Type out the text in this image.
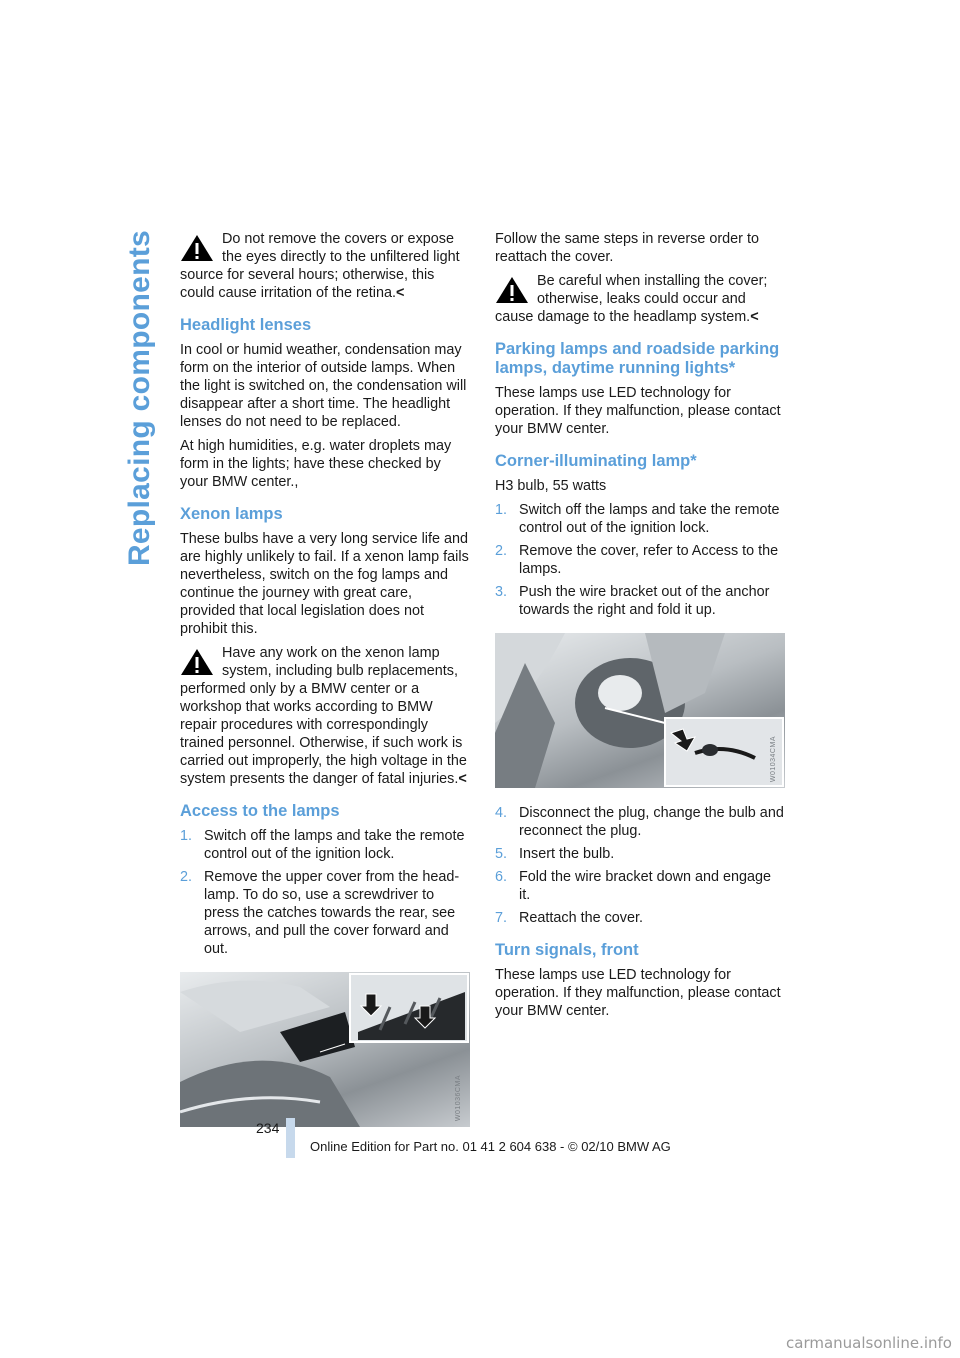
Replacing components	Do not remove the covers or expose the eyes directly to the unfiltered light source for several hours; otherwise, this could cause irritation of the retina.<
Headlight lenses

In cool or humid weather, condensation may form on the interior of outside lamps. When the light is switched on, the condensation will disappear after a short time. The headlight lenses do not need to be replaced.

At high humidities, e.g. water droplets may form in the lights; have these checked by your BMW center.,

Xenon lamps

These bulbs have a very long service life and are highly unlikely to fail. If a xenon lamp fails nevertheless, switch on the fog lamps and continue the journey with great care, provided that local legislation does not prohibit this.

Have any work on the xenon lamp system, including bulb replacements, performed only by a BMW center or a workshop that works according to BMW repair procedures with correspondingly trained personnel. Otherwise, if such work is carried out improperly, the high voltage in the system presents the danger of fatal injuries.<
Access to the lamps
1. Switch off the lamps and take the remote control out of the ignition lock.
2. Remove the upper cover from the headlamp. To do so, use a screwdriver to press the catches towards the rear, see arrows, and pull the cover forward and out.
W01036CMA

Follow the same steps in reverse order to reattach the cover.

Be careful when installing the cover; otherwise, leaks could occur and cause damage to the headlamp system.<
Parking lamps and roadside parking lamps, daytime running lights*

These lamps use LED technology for operation. If they malfunction, please contact your BMW center.

Corner-illuminating lamp*

H3 bulb, 55 watts

1. Switch off the lamps and take the remote control out of the ignition lock.
2. Remove the cover, refer to Access to the lamps.
3. Push the wire bracket out of the anchor towards the right and fold it up.
W01034CMA
4. Disconnect the plug, change the bulb and reconnect the plug.
5. Insert the bulb.
6. Fold the wire bracket down and engage it.
7. Reattach the cover.
Turn signals, front

These lamps use LED technology for operation. If they malfunction, please contact your BMW center.

234
Online Edition for Part no. 01 41 2 604 638 - © 02/10 BMW AG
carmanualsonline.info
